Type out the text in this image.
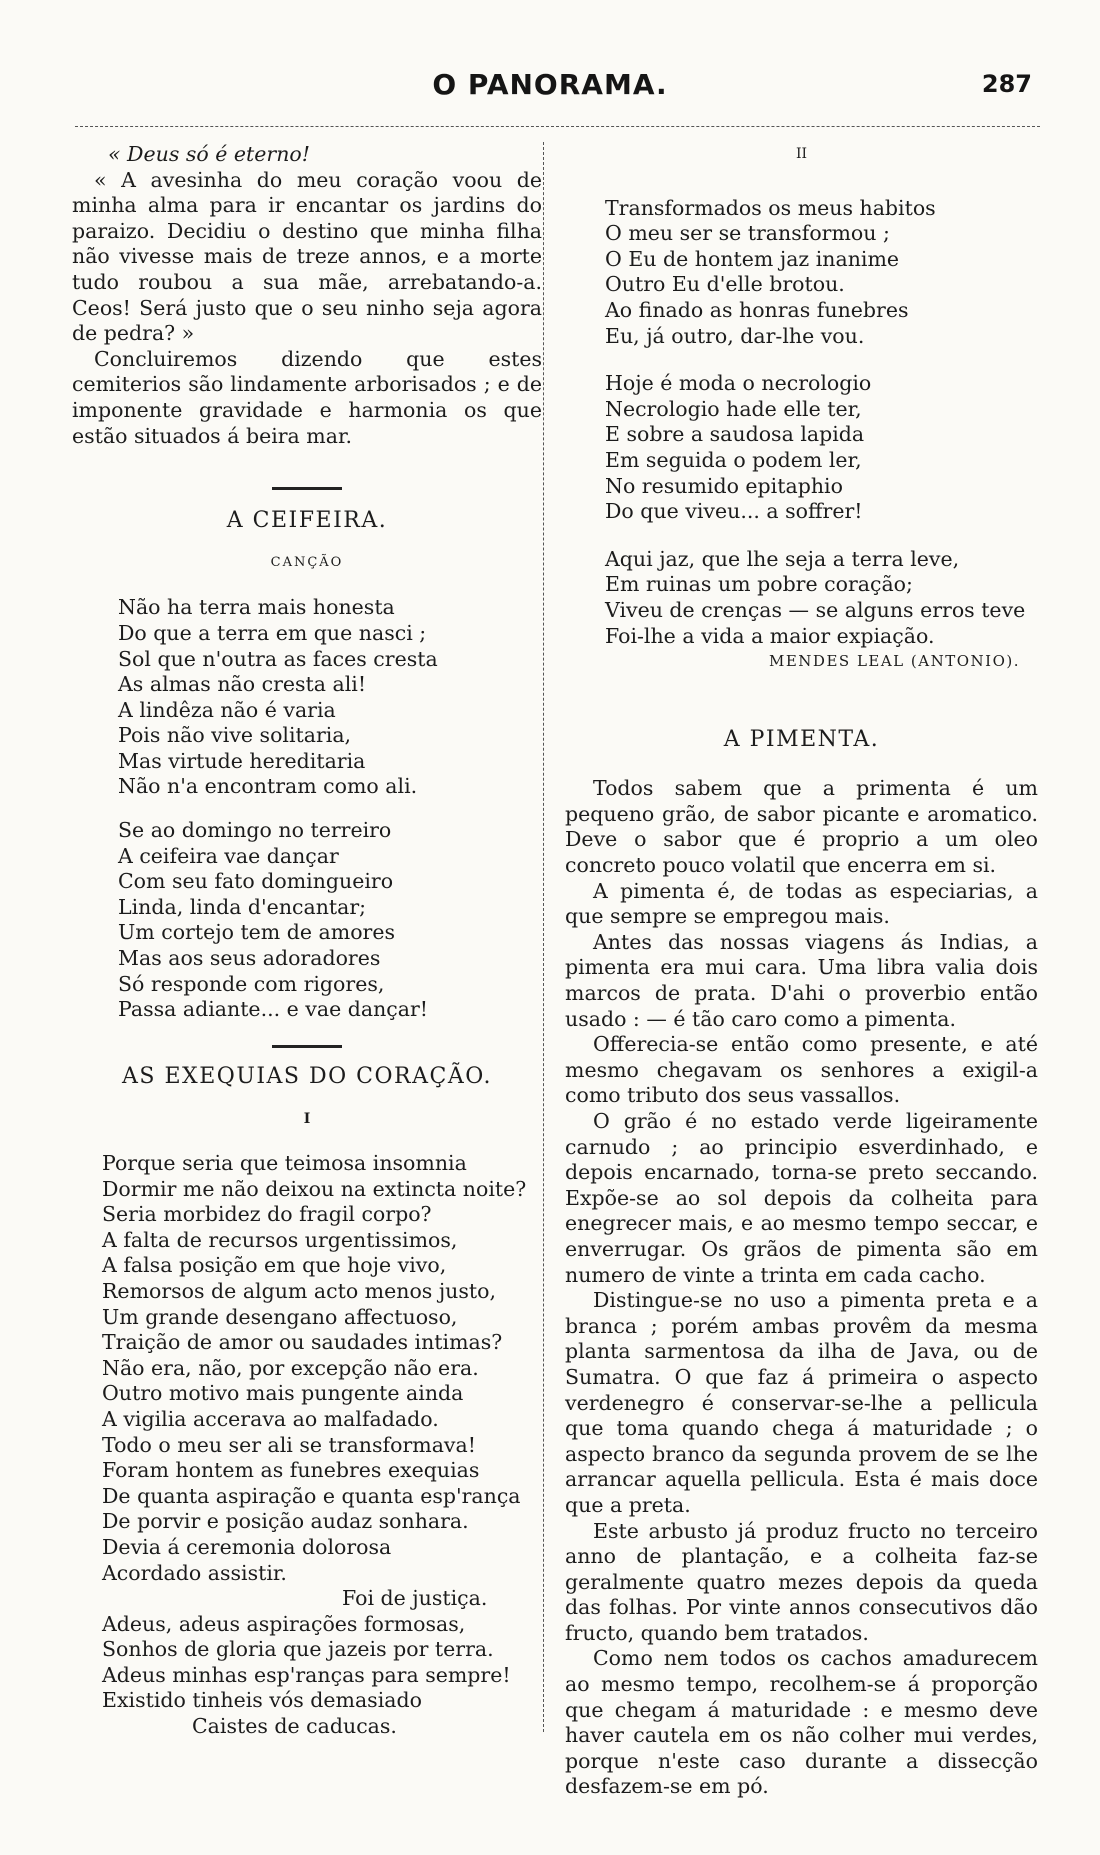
O PANORAMA.	287

« Deus só é eterno!

« A avesinha do meu coração voou de minha alma para ir encantar os jardins do paraizo. Decidiu o destino que minha filha não vivesse mais de treze annos, e a morte tudo roubou a sua mãe, arrebatando-a. Ceos! Será justo que o seu ninho seja agora de pedra? »

Concluiremos dizendo que estes cemiterios são lindamente arborisados ; e de imponente gravidade e harmonia os que estão situados á beira mar.

A CEIFEIRA.
CANÇÃO
Não ha terra mais honesta
Do que a terra em que nasci ;
Sol que n'outra as faces cresta
As almas não cresta ali!
A lindêza não é varia
Pois não vive solitaria,
Mas virtude hereditaria
Não n'a encontram como ali.
Se ao domingo no terreiro
A ceifeira vae dançar
Com seu fato domingueiro
Linda, linda d'encantar;
Um cortejo tem de amores
Mas aos seus adoradores
Só responde com rigores,
Passa adiante... e vae dançar!
AS EXEQUIAS DO CORAÇÃO.
I
Porque seria que teimosa insomnia
Dormir me não deixou na extincta noite?
Seria morbidez do fragil corpo?
A falta de recursos urgentissimos,
A falsa posição em que hoje vivo,
Remorsos de algum acto menos justo,
Um grande desengano affectuoso,
Traição de amor ou saudades intimas?
Não era, não, por excepção não era.
Outro motivo mais pungente ainda
A vigilia accerava ao malfadado.
Todo o meu ser ali se transformava!
Foram hontem as funebres exequias
De quanta aspiração e quanta esp'rança
De porvir e posição audaz sonhara.
Devia á ceremonia dolorosa
Acordado assistir.
Foi de justiça.
Adeus, adeus aspirações formosas,
Sonhos de gloria que jazeis por terra.
Adeus minhas esp'ranças para sempre!
Existido tinheis vós demasiado
Caistes de caducas.
II
Transformados os meus habitos
O meu ser se transformou ;
O Eu de hontem jaz inanime
Outro Eu d'elle brotou.
Ao finado as honras funebres
Eu, já outro, dar-lhe vou.
Hoje é moda o necrologio
Necrologio hade elle ter,
E sobre a saudosa lapida
Em seguida o podem ler,
No resumido epitaphio
Do que viveu... a soffrer!
Aqui jaz, que lhe seja a terra leve,
Em ruinas um pobre coração;
Viveu de crenças — se alguns erros teve
Foi-lhe a vida a maior expiação.
MENDES LEAL (ANTONIO).
A PIMENTA.

Todos sabem que a primenta é um pequeno grão, de sabor picante e aromatico. Deve o sabor que é proprio a um oleo concreto pouco volatil que encerra em si.

A pimenta é, de todas as especiarias, a que sempre se empregou mais.

Antes das nossas viagens ás Indias, a pimenta era mui cara. Uma libra valia dois marcos de prata. D'ahi o proverbio então usado : — é tão caro como a pimenta.

Offerecia-se então como presente, e até mesmo chegavam os senhores a exigil-a como tributo dos seus vassallos.

O grão é no estado verde ligeiramente carnudo ; ao principio esverdinhado, e depois encarnado, torna-se preto seccando. Expõe-se ao sol depois da colheita para enegrecer mais, e ao mesmo tempo seccar, e enverrugar. Os grãos de pimenta são em numero de vinte a trinta em cada cacho.

Distingue-se no uso a pimenta preta e a branca ; porém ambas provêm da mesma planta sarmentosa da ilha de Java, ou de Sumatra. O que faz á primeira o aspecto verdenegro é conservar-se-lhe a pellicula que toma quando chega á maturidade ; o aspecto branco da segunda provem de se lhe arrancar aquella pellicula. Esta é mais doce que a preta.

Este arbusto já produz fructo no terceiro anno de plantação, e a colheita faz-se geralmente quatro mezes depois da queda das folhas. Por vinte annos consecutivos dão fructo, quando bem tratados.

Como nem todos os cachos amadurecem ao mesmo tempo, recolhem-se á proporção que chegam á maturidade : e mesmo deve haver cautela em os não colher mui verdes, porque n'este caso durante a dissecção desfazem-se em pó.
